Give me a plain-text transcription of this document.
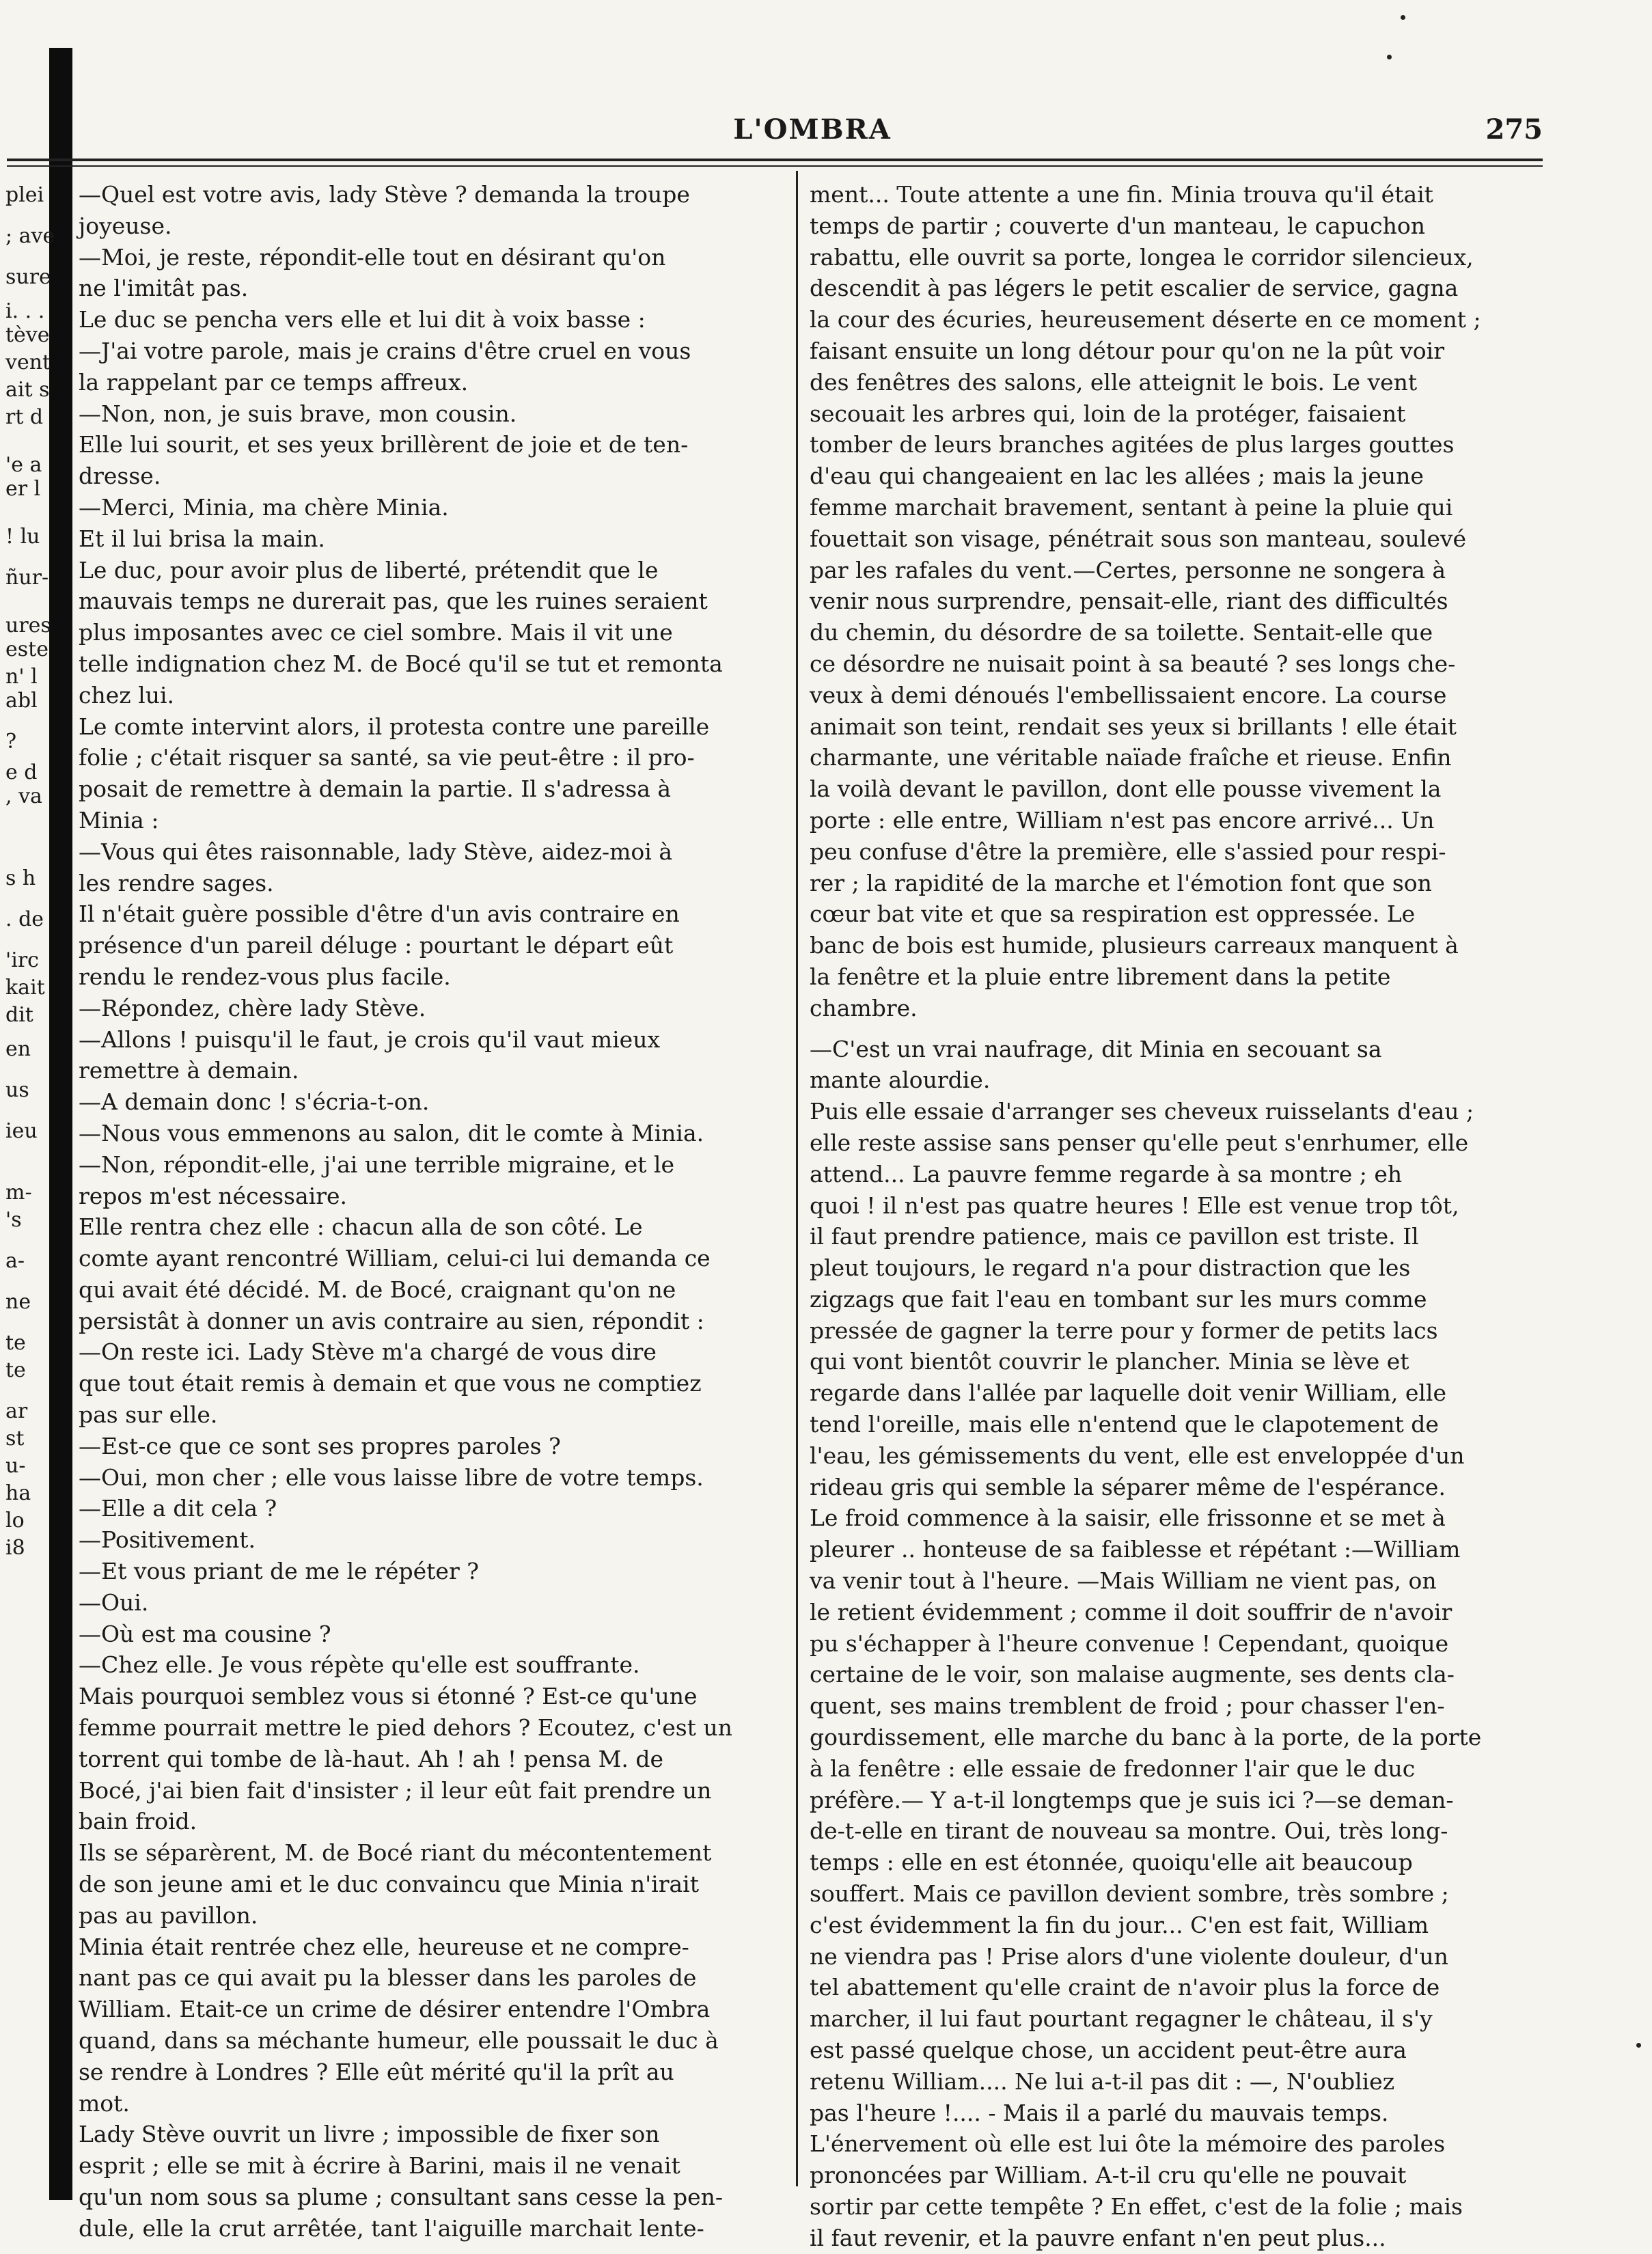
L'OMBRA	275
plei
; ave
sure
i. . .
tève
vent
ait s
rt d
'e a
er l
! lu
ñur-
ures
este
n' l
abl
?
e d
, va
s h
. de
'irc
kait
dit
en
us
ieu
m-
's
a-
ne
te
te
ar
st
u-
ha
lo
i8

—Quel est votre avis, lady Stève ? demanda la troupe

joyeuse.

—Moi, je reste, répondit-elle tout en désirant qu'on

ne l'imitât pas.

Le duc se pencha vers elle et lui dit à voix basse :

—J'ai votre parole, mais je crains d'être cruel en vous

la rappelant par ce temps affreux.

—Non, non, je suis brave, mon cousin.

Elle lui sourit, et ses yeux brillèrent de joie et de ten-

dresse.

—Merci, Minia, ma chère Minia.

Et il lui brisa la main.

Le duc, pour avoir plus de liberté, prétendit que le

mauvais temps ne durerait pas, que les ruines seraient

plus imposantes avec ce ciel sombre. Mais il vit une

telle indignation chez M. de Bocé qu'il se tut et remonta

chez lui.

Le comte intervint alors, il protesta contre une pareille

folie ; c'était risquer sa santé, sa vie peut-être : il pro-

posait de remettre à demain la partie. Il s'adressa à

Minia :

—Vous qui êtes raisonnable, lady Stève, aidez-moi à

les rendre sages.

Il n'était guère possible d'être d'un avis contraire en

présence d'un pareil déluge : pourtant le départ eût

rendu le rendez-vous plus facile.

—Répondez, chère lady Stève.

—Allons ! puisqu'il le faut, je crois qu'il vaut mieux

remettre à demain.

—A demain donc ! s'écria-t-on.

—Nous vous emmenons au salon, dit le comte à Minia.

—Non, répondit-elle, j'ai une terrible migraine, et le

repos m'est nécessaire.

Elle rentra chez elle : chacun alla de son côté. Le

comte ayant rencontré William, celui-ci lui demanda ce

qui avait été décidé. M. de Bocé, craignant qu'on ne

persistât à donner un avis contraire au sien, répondit :

—On reste ici. Lady Stève m'a chargé de vous dire

que tout était remis à demain et que vous ne comptiez

pas sur elle.

—Est-ce que ce sont ses propres paroles ?

—Oui, mon cher ; elle vous laisse libre de votre temps.

—Elle a dit cela ?

—Positivement.

—Et vous priant de me le répéter ?

—Oui.

—Où est ma cousine ?

—Chez elle. Je vous répète qu'elle est souffrante.

Mais pourquoi semblez vous si étonné ? Est-ce qu'une

femme pourrait mettre le pied dehors ? Ecoutez, c'est un

torrent qui tombe de là-haut. Ah ! ah ! pensa M. de

Bocé, j'ai bien fait d'insister ; il leur eût fait prendre un

bain froid.

Ils se séparèrent, M. de Bocé riant du mécontentement

de son jeune ami et le duc convaincu que Minia n'irait

pas au pavillon.

Minia était rentrée chez elle, heureuse et ne compre-

nant pas ce qui avait pu la blesser dans les paroles de

William. Etait-ce un crime de désirer entendre l'Ombra

quand, dans sa méchante humeur, elle poussait le duc à

se rendre à Londres ? Elle eût mérité qu'il la prît au

mot.

Lady Stève ouvrit un livre ; impossible de fixer son

esprit ; elle se mit à écrire à Barini, mais il ne venait

qu'un nom sous sa plume ; consultant sans cesse la pen-

dule, elle la crut arrêtée, tant l'aiguille marchait lente-

ment... Toute attente a une fin. Minia trouva qu'il était

temps de partir ; couverte d'un manteau, le capuchon

rabattu, elle ouvrit sa porte, longea le corridor silencieux,

descendit à pas légers le petit escalier de service, gagna

la cour des écuries, heureusement déserte en ce moment ;

faisant ensuite un long détour pour qu'on ne la pût voir

des fenêtres des salons, elle atteignit le bois. Le vent

secouait les arbres qui, loin de la protéger, faisaient

tomber de leurs branches agitées de plus larges gouttes

d'eau qui changeaient en lac les allées ; mais la jeune

femme marchait bravement, sentant à peine la pluie qui

fouettait son visage, pénétrait sous son manteau, soulevé

par les rafales du vent.—Certes, personne ne songera à

venir nous surprendre, pensait-elle, riant des difficultés

du chemin, du désordre de sa toilette. Sentait-elle que

ce désordre ne nuisait point à sa beauté ? ses longs che-

veux à demi dénoués l'embellissaient encore. La course

animait son teint, rendait ses yeux si brillants ! elle était

charmante, une véritable naïade fraîche et rieuse. Enfin

la voilà devant le pavillon, dont elle pousse vivement la

porte : elle entre, William n'est pas encore arrivé... Un

peu confuse d'être la première, elle s'assied pour respi-

rer ; la rapidité de la marche et l'émotion font que son

cœur bat vite et que sa respiration est oppressée. Le

banc de bois est humide, plusieurs carreaux manquent à

la fenêtre et la pluie entre librement dans la petite

chambre.

—C'est un vrai naufrage, dit Minia en secouant sa

mante alourdie.

Puis elle essaie d'arranger ses cheveux ruisselants d'eau ;

elle reste assise sans penser qu'elle peut s'enrhumer, elle

attend... La pauvre femme regarde à sa montre ; eh

quoi ! il n'est pas quatre heures ! Elle est venue trop tôt,

il faut prendre patience, mais ce pavillon est triste. Il

pleut toujours, le regard n'a pour distraction que les

zigzags que fait l'eau en tombant sur les murs comme

pressée de gagner la terre pour y former de petits lacs

qui vont bientôt couvrir le plancher. Minia se lève et

regarde dans l'allée par laquelle doit venir William, elle

tend l'oreille, mais elle n'entend que le clapotement de

l'eau, les gémissements du vent, elle est enveloppée d'un

rideau gris qui semble la séparer même de l'espérance.

Le froid commence à la saisir, elle frissonne et se met à

pleurer .. honteuse de sa faiblesse et répétant :—William

va venir tout à l'heure. —Mais William ne vient pas, on

le retient évidemment ; comme il doit souffrir de n'avoir

pu s'échapper à l'heure convenue ! Cependant, quoique

certaine de le voir, son malaise augmente, ses dents cla-

quent, ses mains tremblent de froid ; pour chasser l'en-

gourdissement, elle marche du banc à la porte, de la porte

à la fenêtre : elle essaie de fredonner l'air que le duc

préfère.— Y a-t-il longtemps que je suis ici ?—se deman-

de-t-elle en tirant de nouveau sa montre. Oui, très long-

temps : elle en est étonnée, quoiqu'elle ait beaucoup

souffert. Mais ce pavillon devient sombre, très sombre ;

c'est évidemment la fin du jour... C'en est fait, William

ne viendra pas ! Prise alors d'une violente douleur, d'un

tel abattement qu'elle craint de n'avoir plus la force de

marcher, il lui faut pourtant regagner le château, il s'y

est passé quelque chose, un accident peut-être aura

retenu William.... Ne lui a-t-il pas dit : —, N'oubliez

pas l'heure !.... - Mais il a parlé du mauvais temps.

L'énervement où elle est lui ôte la mémoire des paroles

prononcées par William. A-t-il cru qu'elle ne pouvait

sortir par cette tempête ? En effet, c'est de la folie ; mais

il faut revenir, et la pauvre enfant n'en peut plus...
